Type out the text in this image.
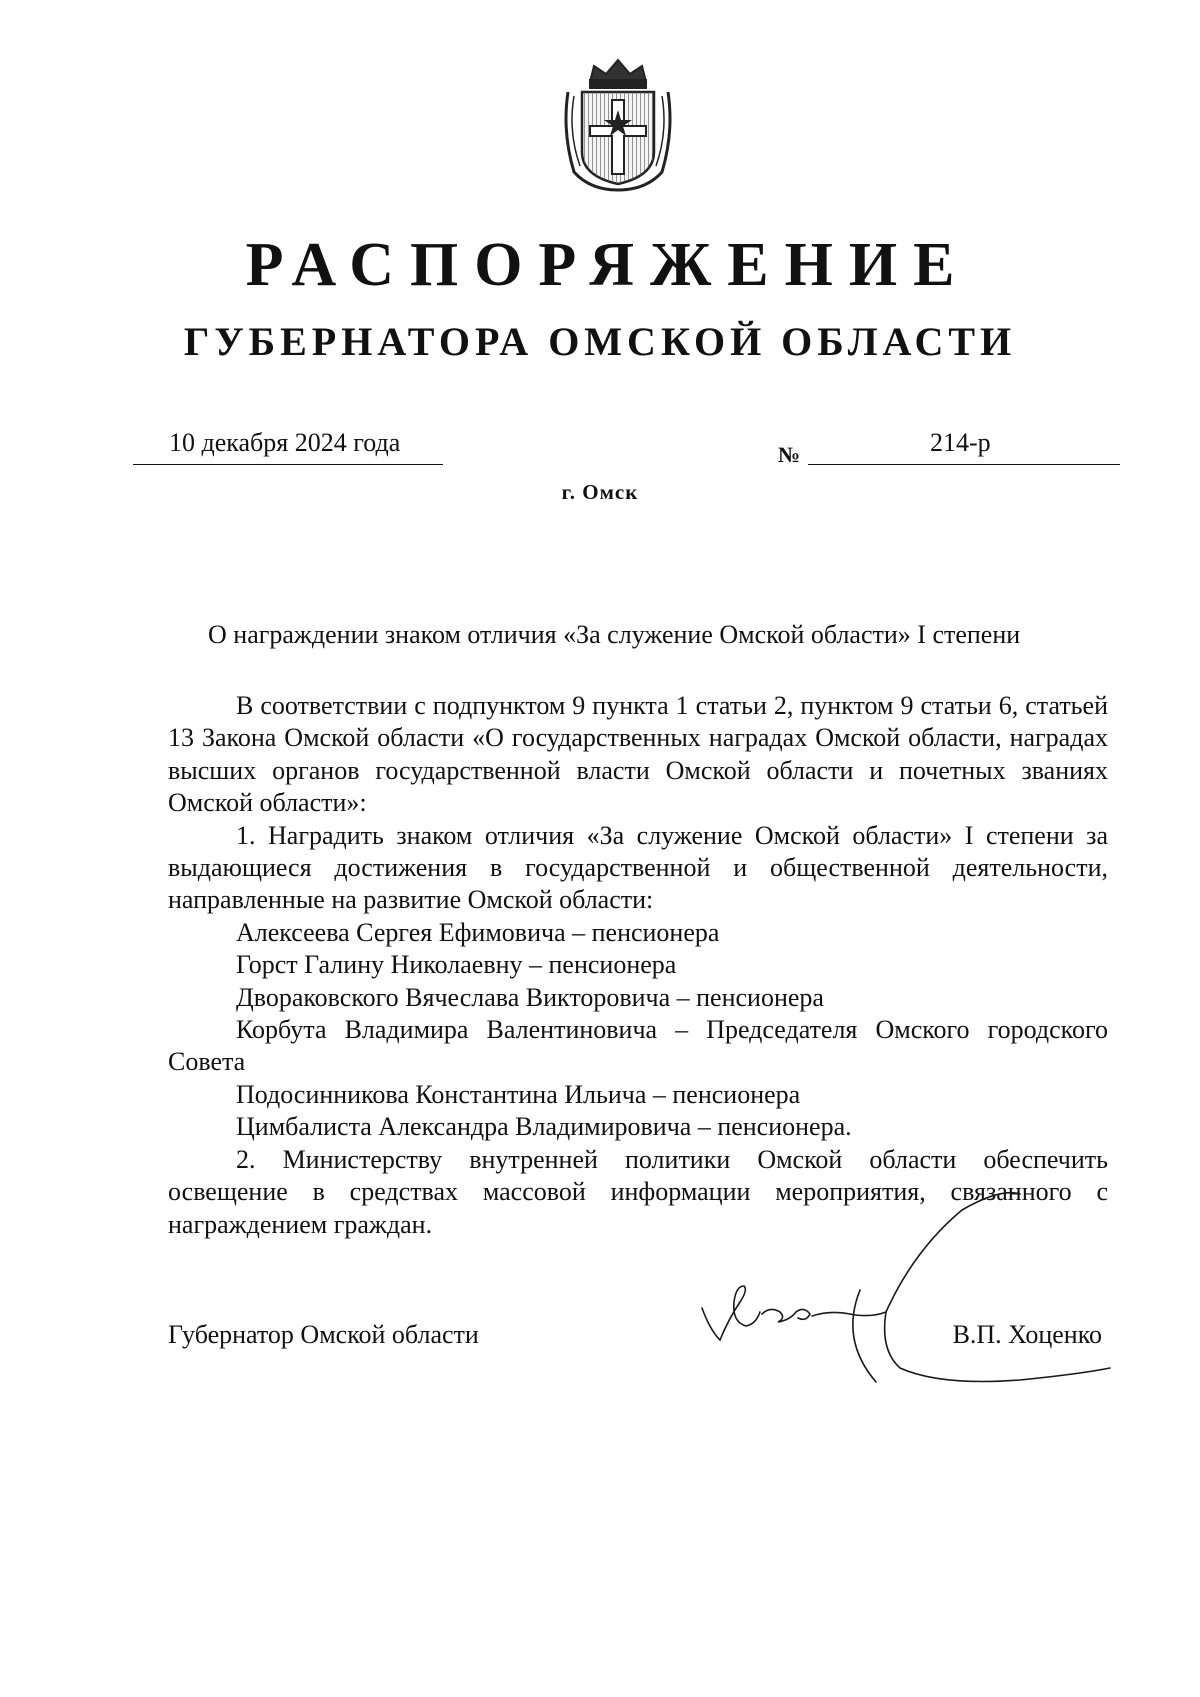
РАСПОРЯЖЕНИЕ
ГУБЕРНАТОРА ОМСКОЙ ОБЛАСТИ
10 декабря 2024 года	№	214-р
г. Омск
О награждении знаком отличия «За служение Омской области» I степени

В соответствии с подпунктом 9 пункта 1 статьи 2, пунктом 9 статьи 6, статьей 13 Закона Омской области «О государственных наградах Омской области, наградах высших органов государственной власти Омской области и почетных званиях Омской области»:

1. Наградить знаком отличия «За служение Омской области» I степени за выдающиеся достижения в государственной и общественной деятельности, направленные на развитие Омской области:

Алексеева Сергея Ефимовича – пенсионера

Горст Галину Николаевну – пенсионера

Двораковского Вячеслава Викторовича – пенсионера

Корбута Владимира Валентиновича – Председателя Омского городского Совета

Подосинникова Константина Ильича – пенсионера

Цимбалиста Александра Владимировича – пенсионера.

2. Министерству внутренней политики Омской области обеспечить освещение в средствах массовой информации мероприятия, связанного с награждением граждан.

Губернатор Омской области	В.П. Хоценко
